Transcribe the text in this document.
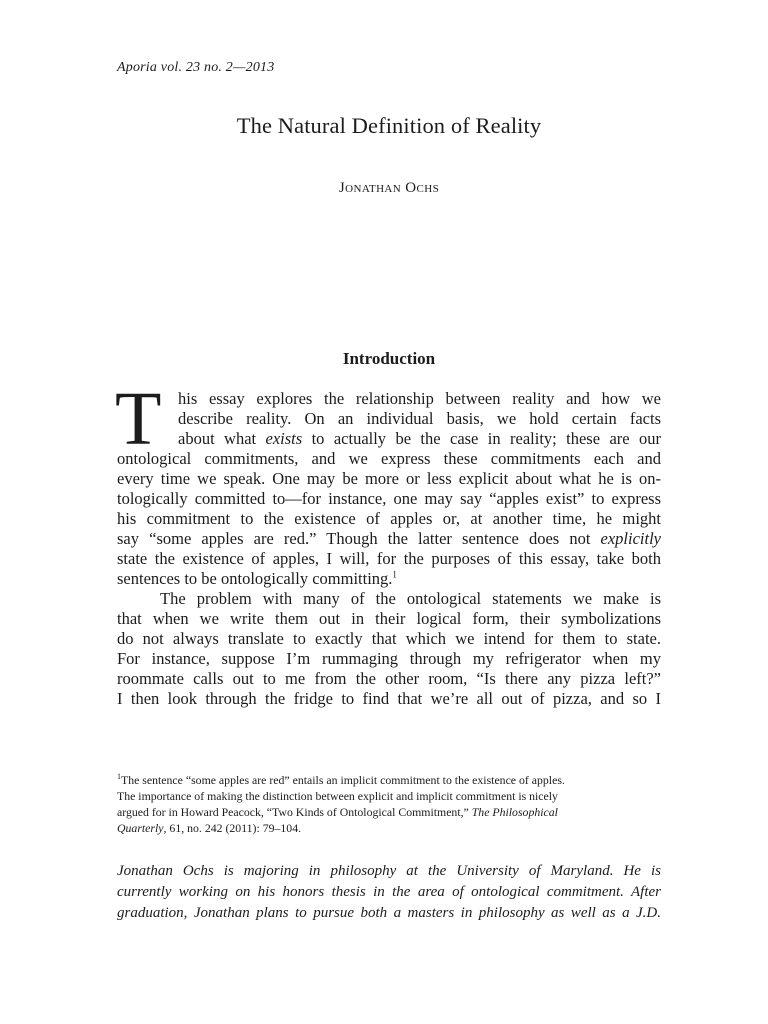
Aporia vol. 23 no. 2—2013
The Natural Definition of Reality
Jonathan Ochs
Introduction
T	his essay explores the relationship between reality and how we
describe reality. On an individual basis, we hold certain facts
about what exists to actually be the case in reality; these are our
ontological commitments, and we express these commitments each and
every time we speak. One may be more or less explicit about what he is on-
tologically committed to—for instance, one may say “apples exist” to express
his commitment to the existence of apples or, at another time, he might
say “some apples are red.” Though the latter sentence does not explicitly
state the existence of apples, I will, for the purposes of this essay, take both
sentences to be ontologically committing.$^1$
The problem with many of the ontological statements we make is
that when we write them out in their logical form, their symbolizations
do not always translate to exactly that which we intend for them to state.
For instance, suppose I’m rummaging through my refrigerator when my
roommate calls out to me from the other room, “Is there any pizza left?”
I then look through the fridge to find that we’re all out of pizza, and so I
$^1$The sentence “some apples are red” entails an implicit commitment to the existence of apples.
The importance of making the distinction between explicit and implicit commitment is nicely
argued for in Howard Peacock, “Two Kinds of Ontological Commitment,” The Philosophical
Quarterly, 61, no. 242 (2011): 79–104.
Jonathan Ochs is majoring in philosophy at the University of Maryland. He is
currently working on his honors thesis in the area of ontological commitment. After
graduation, Jonathan plans to pursue both a masters in philosophy as well as a J.D.
